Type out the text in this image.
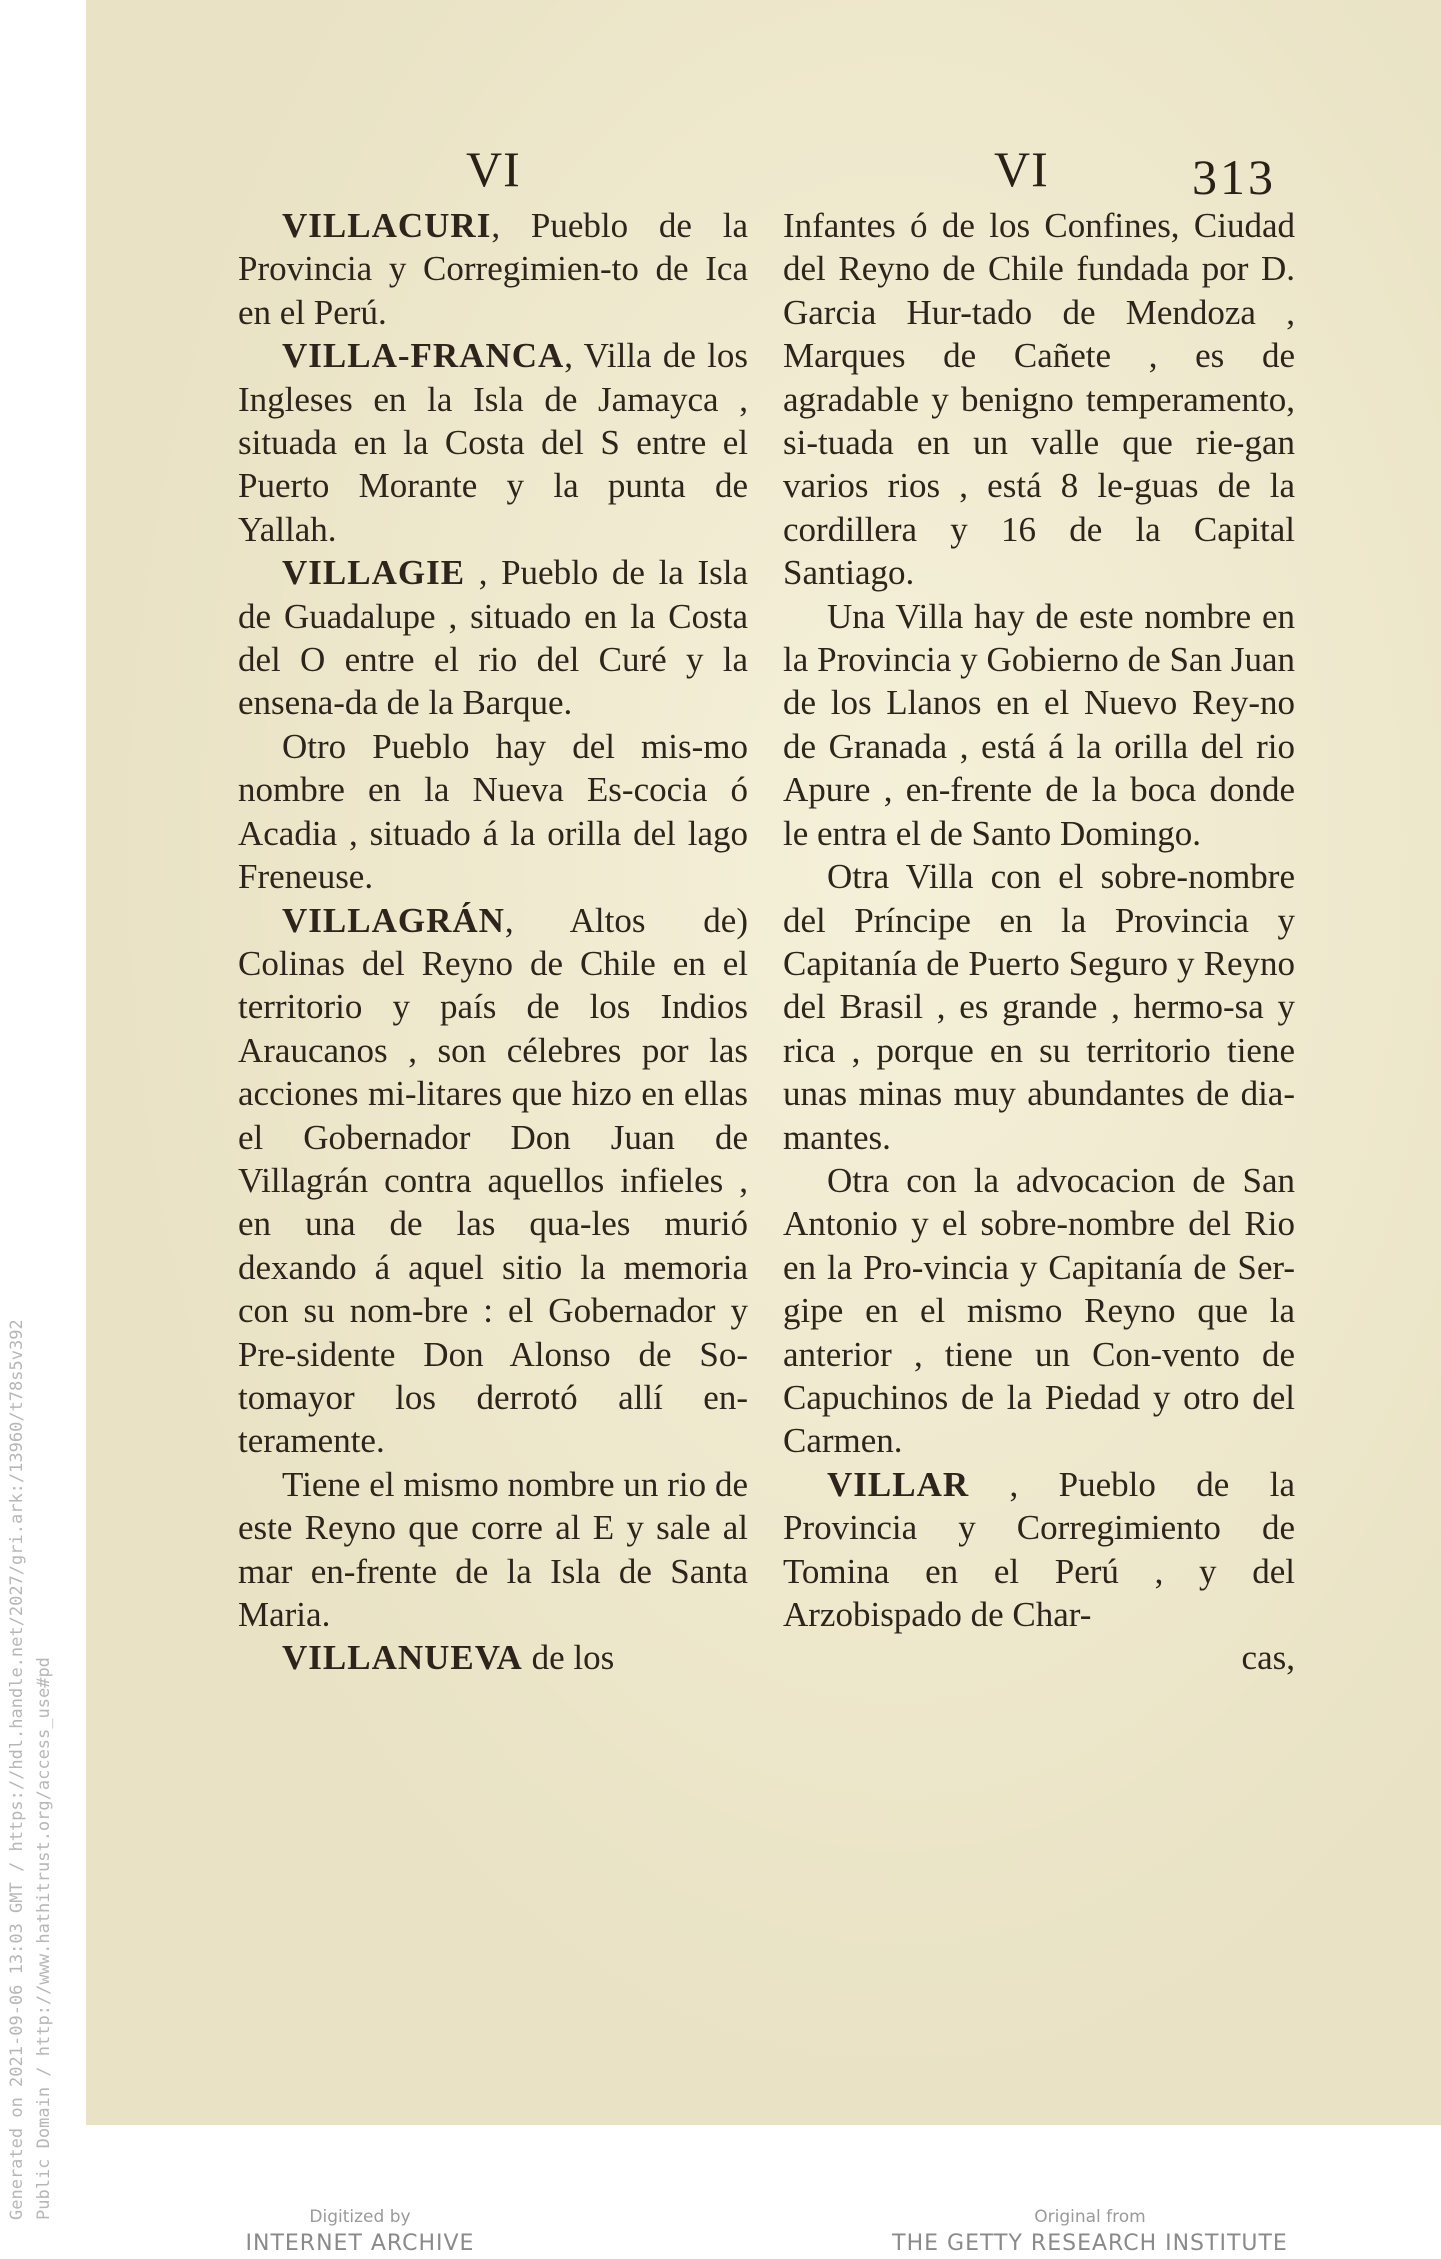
Generated on 2021-09-06 13:03 GMT / https://hdl.handle.net/2027/gri.ark:/13960/t78s5v392 Public Domain / http://www.hathitrust.org/access_use#pd
VI	VI	313

VILLACURI, Pueblo de la Provincia y Corregimien-to de Ica en el Perú.

VILLA-FRANCA, Villa de los Ingleses en la Isla de Jamayca , situada en la Costa del S entre el Puerto Morante y la punta de Yallah.

VILLAGIE , Pueblo de la Isla de Guadalupe , situado en la Costa del O entre el rio del Curé y la ensena-da de la Barque.

Otro Pueblo hay del mis-mo nombre en la Nueva Es-cocia ó Acadia , situado á la orilla del lago Freneuse.

VILLAGRÁN, Altos de) Colinas del Reyno de Chile en el territorio y país de los Indios Araucanos , son célebres por las acciones mi-litares que hizo en ellas el Gobernador Don Juan de Villagrán contra aquellos infieles , en una de las qua-les murió dexando á aquel sitio la memoria con su nom-bre : el Gobernador y Pre-sidente Don Alonso de So-tomayor los derrotó allí en-teramente.

Tiene el mismo nombre un rio de este Reyno que corre al E y sale al mar en-frente de la Isla de Santa Maria.

VILLANUEVA de los

Infantes ó de los Confines, Ciudad del Reyno de Chile fundada por D. Garcia Hur-tado de Mendoza , Marques de Cañete , es de agradable y benigno temperamento, si-tuada en un valle que rie-gan varios rios , está 8 le-guas de la cordillera y 16 de la Capital Santiago.

Una Villa hay de este nombre en la Provincia y Gobierno de San Juan de los Llanos en el Nuevo Rey-no de Granada , está á la orilla del rio Apure , en-frente de la boca donde le entra el de Santo Domingo.

Otra Villa con el sobre-nombre del Príncipe en la Provincia y Capitanía de Puerto Seguro y Reyno del Brasil , es grande , hermo-sa y rica , porque en su territorio tiene unas minas muy abundantes de dia-mantes.

Otra con la advocacion de San Antonio y el sobre-nombre del Rio en la Pro-vincia y Capitanía de Ser-gipe en el mismo Reyno que la anterior , tiene un Con-vento de Capuchinos de la Piedad y otro del Carmen.

VILLAR , Pueblo de la Provincia y Corregimiento de Tomina en el Perú , y del Arzobispado de Char-

cas,

Digitized by
INTERNET ARCHIVE
Original from
THE GETTY RESEARCH INSTITUTE
